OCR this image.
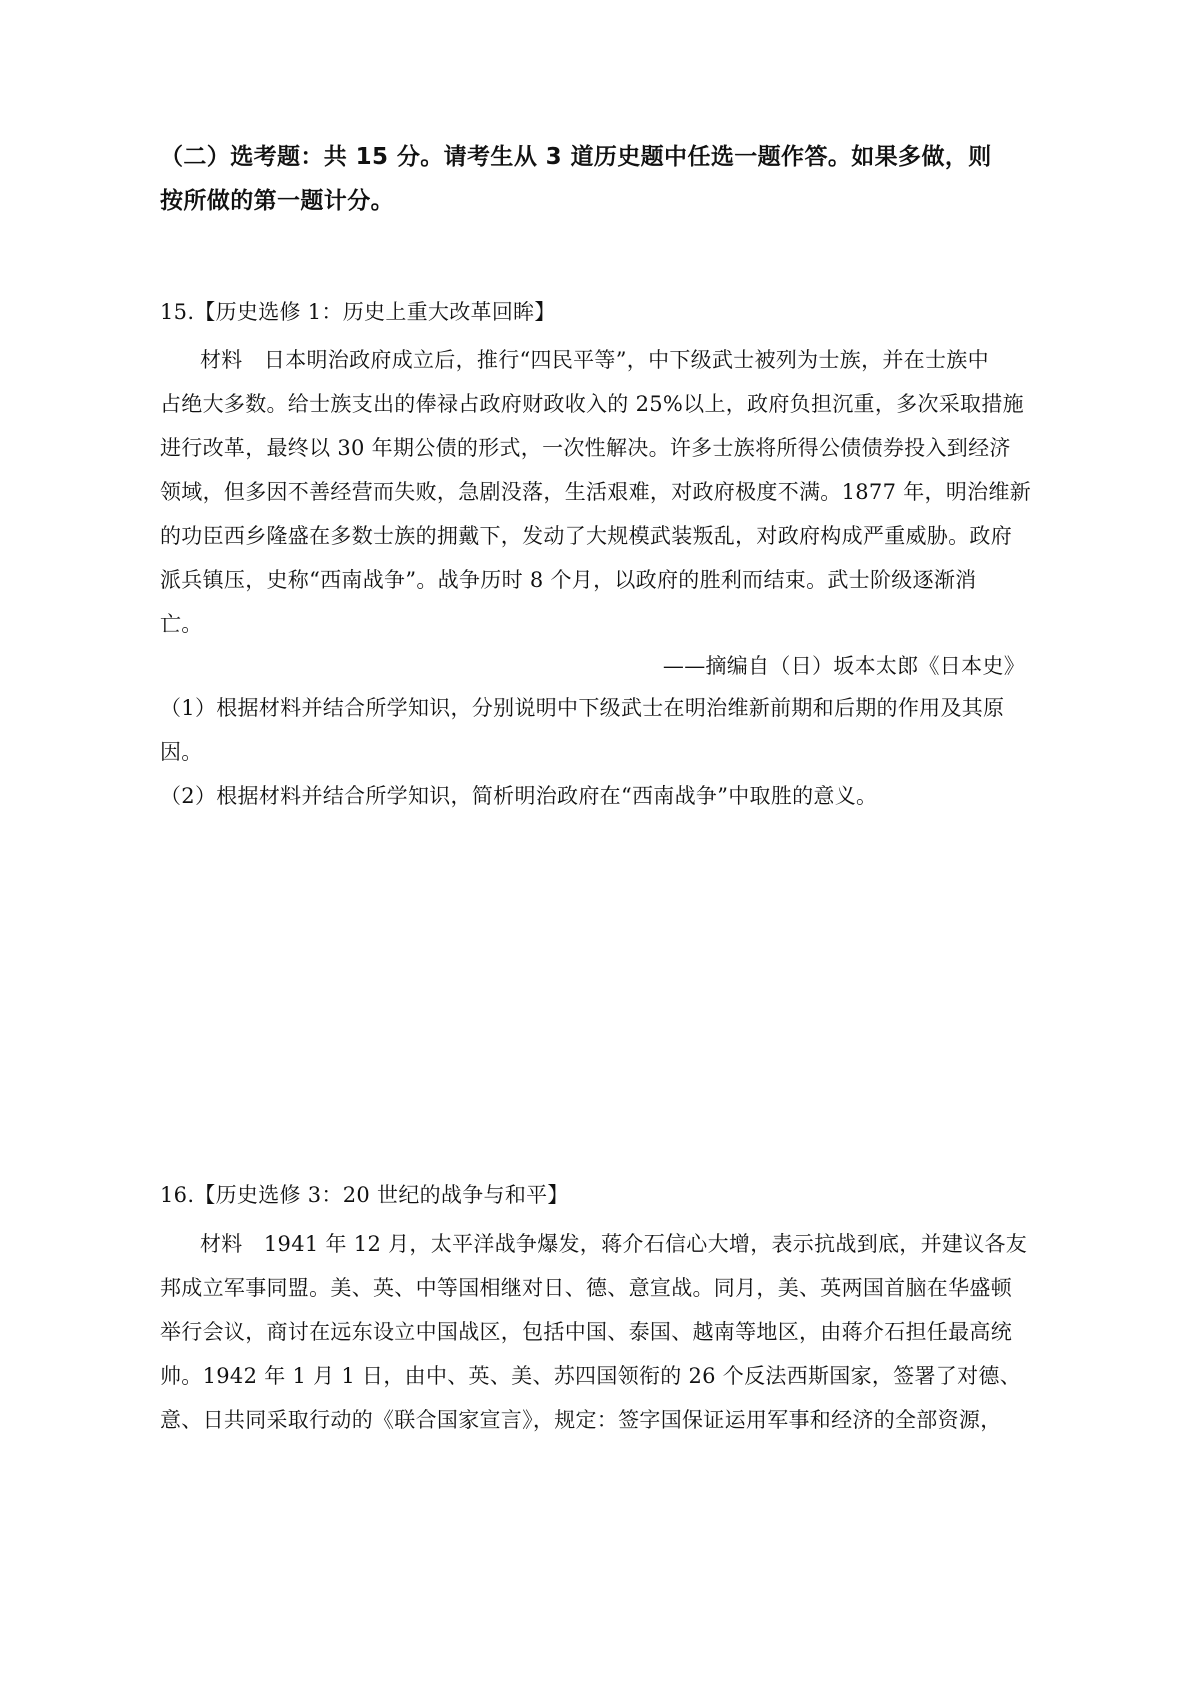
（二）选考题：共 15 分。请考生从 3 道历史题中任选一题作答。如果多做，则
按所做的第一题计分。
15.【历史选修 1：历史上重大改革回眸】
材料　日本明治政府成立后，推行“四民平等”，中下级武士被列为士族，并在士族中
占绝大多数。给士族支出的俸禄占政府财政收入的 25%以上，政府负担沉重，多次采取措施
进行改革，最终以 30 年期公债的形式，一次性解决。许多士族将所得公债债券投入到经济
领域，但多因不善经营而失败，急剧没落，生活艰难，对政府极度不满。1877 年，明治维新
的功臣西乡隆盛在多数士族的拥戴下，发动了大规模武装叛乱，对政府构成严重威胁。政府
派兵镇压，史称“西南战争”。战争历时 8 个月，以政府的胜利而结束。武士阶级逐渐消
亡。
——摘编自（日）坂本太郎《日本史》
（1）根据材料并结合所学知识，分别说明中下级武士在明治维新前期和后期的作用及其原
因。
（2）根据材料并结合所学知识，简析明治政府在“西南战争”中取胜的意义。
16.【历史选修 3：20 世纪的战争与和平】
材料　1941 年 12 月，太平洋战争爆发，蒋介石信心大增，表示抗战到底，并建议各友
邦成立军事同盟。美、英、中等国相继对日、德、意宣战。同月，美、英两国首脑在华盛顿
举行会议，商讨在远东设立中国战区，包括中国、泰国、越南等地区，由蒋介石担任最高统
帅。1942 年 1 月 1 日，由中、英、美、苏四国领衔的 26 个反法西斯国家，签署了对德、
意、日共同采取行动的《联合国家宣言》，规定：签字国保证运用军事和经济的全部资源，
